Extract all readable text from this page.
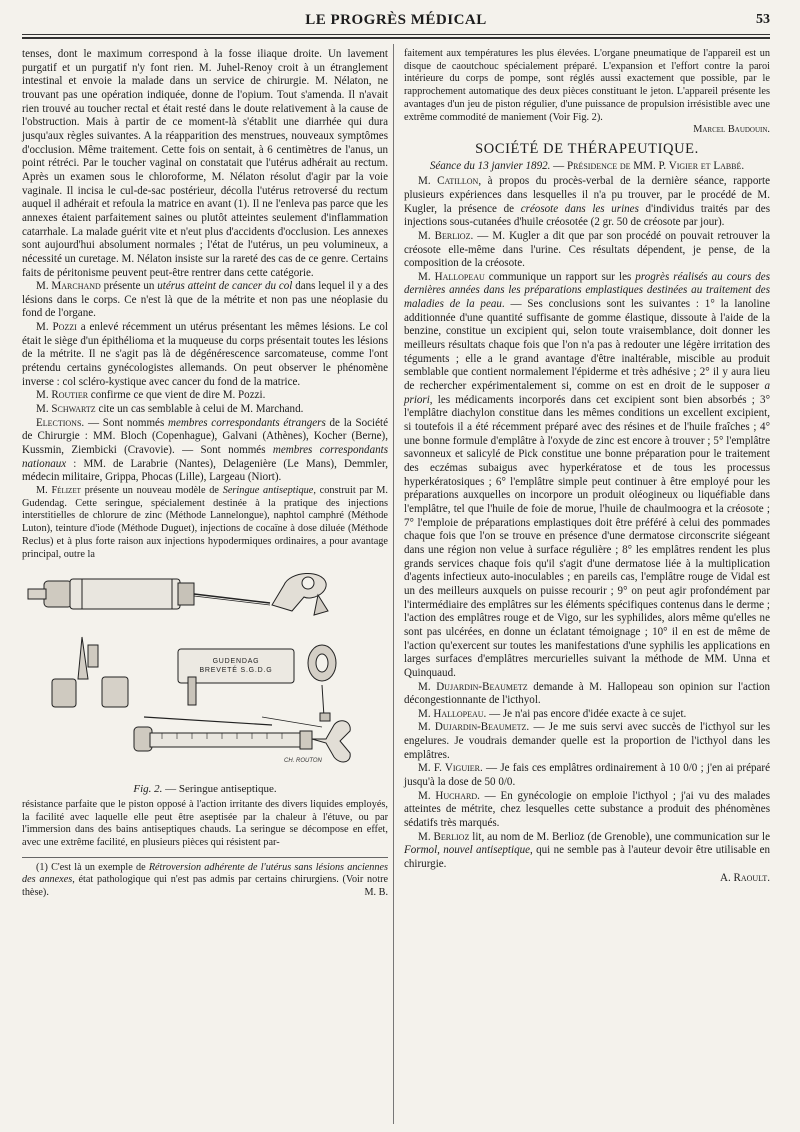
LE PROGRÈS MÉDICAL	53

tenses, dont le maximum correspond à la fosse iliaque droite. Un lavement purgatif et un purgatif n'y font rien. M. Juhel-Renoy croit à un étranglement intestinal et envoie la malade dans un service de chirurgie. M. Nélaton, ne trouvant pas une opération indiquée, donne de l'opium. Tout s'amenda. Il n'avait rien trouvé au toucher rectal et était resté dans le doute relativement à la cause de l'obstruction. Mais à partir de ce moment-là s'établit une diarrhée qui dura jusqu'aux règles suivantes. A la réapparition des menstrues, nouveaux symptômes d'occlusion. Même traitement. Cette fois on sentait, à 6 centimètres de l'anus, un point rétréci. Par le toucher vaginal on constatait que l'utérus adhérait au rectum. Après un examen sous le chloroforme, M. Nélaton résolut d'agir par la voie vaginale. Il incisa le cul-de-sac postérieur, décolla l'utérus retroversé du rectum auquel il adhérait et refoula la matrice en avant (1). Il ne l'enleva pas parce que les annexes étaient parfaitement saines ou plutôt atteintes seulement d'inflammation catarrhale. La malade guérit vite et n'eut plus d'accidents d'occlusion. Les annexes sont aujourd'hui absolument normales ; l'état de l'utérus, un peu volumineux, a nécessité un curetage. M. Nélaton insiste sur la rareté des cas de ce genre. Certains faits de péritonisme peuvent peut-être rentrer dans cette catégorie.

M. Marchand présente un utérus atteint de cancer du col dans lequel il y a des lésions dans le corps. Ce n'est là que de la métrite et non pas une néoplasie du fond de l'organe.

M. Pozzi a enlevé récemment un utérus présentant les mêmes lésions. Le col était le siège d'un épithélioma et la muqueuse du corps présentait toutes les lésions de la métrite. Il ne s'agit pas là de dégénérescence sarcomateuse, comme l'ont prétendu certains gynécologistes allemands. On peut observer le phénomène inverse : col scléro-kystique avec cancer du fond de la matrice.

M. Routier confirme ce que vient de dire M. Pozzi.

M. Schwartz cite un cas semblable à celui de M. Marchand.

Elections. — Sont nommés membres correspondants étrangers de la Société de Chirurgie : MM. Bloch (Copenhague), Galvani (Athènes), Kocher (Berne), Kussmin, Ziembicki (Cravovie). — Sont nommés membres correspondants nationaux : MM. de Larabrie (Nantes), Delagenière (Le Mans), Demmler, médecin militaire, Grippa, Phocas (Lille), Largeau (Niort).

M. Félizet présente un nouveau modèle de Seringue antiseptique, construit par M. Gudendag. Cette seringue, spécialement destinée à la pratique des injections interstitielles de chlorure de zinc (Méthode Lannelongue), naphtol camphré (Méthode Luton), teinture d'iode (Méthode Duguet), injections de cocaïne à dose diluée (Méthode Reclus) et à plus forte raison aux injections hypodermiques ordinaires, a pour avantage principal, outre la

GUDENDAG
BREVETÉ S.G.D.G
CH. ROUTON

Fig. 2. — Seringue antiseptique.

résistance parfaite que le piston opposé à l'action irritante des divers liquides employés, la facilité avec laquelle elle peut être aseptisée par la chaleur à l'étuve, ou par l'immersion dans des bains antiseptiques chauds. La seringue se décompose en effet, avec une extrême facilité, en plusieurs pièces qui résistent par-

(1) C'est là un exemple de Rétroversion adhérente de l'utérus sans lésions anciennes des annexes, état pathologique qui n'est pas admis par certains chirurgiens. (Voir notre thèse).	M. B.

faitement aux températures les plus élevées. L'organe pneumatique de l'appareil est un disque de caoutchouc spécialement préparé. L'expansion et l'effort contre la paroi intérieure du corps de pompe, sont réglés aussi exactement que possible, par le rapprochement automatique des deux pièces constituant le jeton. L'appareil présente les avantages d'un jeu de piston régulier, d'une puissance de propulsion irrésistible avec une extrême commodité de maniement (Voir Fig. 2).

Marcel Baudouin.

SOCIÉTÉ DE THÉRAPEUTIQUE.

Séance du 13 janvier 1892. — Présidence de MM. P. Vigier et Labbé.

M. Catillon, à propos du procès-verbal de la dernière séance, rapporte plusieurs expériences dans lesquelles il n'a pu trouver, par le procédé de M. Kugler, la présence de créosote dans les urines d'individus traités par des injections sous-cutanées d'huile créosotée (2 gr. 50 de créosote par jour).

M. Berlioz. — M. Kugler a dit que par son procédé on pouvait retrouver la créosote elle-même dans l'urine. Ces résultats dépendent, je pense, de la composition de la créosote.

M. Hallopeau communique un rapport sur les progrès réalisés au cours des dernières années dans les préparations emplastiques destinées au traitement des maladies de la peau. — Ses conclusions sont les suivantes : 1° la lanoline additionnée d'une quantité suffisante de gomme élastique, dissoute à l'aide de la benzine, constitue un excipient qui, selon toute vraisemblance, doit donner les meilleurs résultats chaque fois que l'on n'a pas à redouter une légère irritation des téguments ; elle a le grand avantage d'être inaltérable, miscible au produit semblable que contient normalement l'épiderme et très adhésive ; 2° il y aura lieu de rechercher expérimentalement si, comme on est en droit de le supposer a priori, les médicaments incorporés dans cet excipient sont bien absorbés ; 3° l'emplâtre diachylon constitue dans les mêmes conditions un excellent excipient, si toutefois il a été récemment préparé avec des résines et de l'huile fraîches ; 4° une bonne formule d'emplâtre à l'oxyde de zinc est encore à trouver ; 5° l'emplâtre savonneux et salicylé de Pick constitue une bonne préparation pour le traitement des eczémas subaigus avec hyperkératose et de tous les processus hyperkératosiques ; 6° l'emplâtre simple peut continuer à être employé pour les préparations auxquelles on incorpore un produit oléogineux ou liquéfiable dans l'emplâtre, tel que l'huile de foie de morue, l'huile de chaulmoogra et la créosote ; 7° l'emploie de préparations emplastiques doit être préféré à celui des pommades chaque fois que l'on se trouve en présence d'une dermatose circonscrite siégeant dans une région non velue à surface régulière ; 8° les emplâtres rendent les plus grands services chaque fois qu'il s'agit d'une dermatose liée à la multiplication d'agents infectieux auto-inoculables ; en pareils cas, l'emplâtre rouge de Vidal est un des meilleurs auxquels on puisse recourir ; 9° on peut agir profondément par l'intermédiaire des emplâtres sur les éléments spécifiques contenus dans le derme ; l'action des emplâtres rouge et de Vigo, sur les syphilides, alors même qu'elles ne sont pas ulcérées, en donne un éclatant témoignage ; 10° il en est de même de l'action qu'exercent sur toutes les manifestations d'une syphilis les applications en larges surfaces d'emplâtres mercurielles suivant la méthode de MM. Unna et Quinquaud.

M. Dujardin-Beaumetz demande à M. Hallopeau son opinion sur l'action décongestionnante de l'icthyol.

M. Hallopeau. — Je n'ai pas encore d'idée exacte à ce sujet.

M. Dujardin-Beaumetz. — Je me suis servi avec succès de l'icthyol sur les engelures. Je voudrais demander quelle est la proportion de l'icthyol dans les emplâtres.

M. F. Viguier. — Je fais ces emplâtres ordinairement à 10 0/0 ; j'en ai préparé jusqu'à la dose de 50 0/0.

M. Huchard. — En gynécologie on emploie l'icthyol ; j'ai vu des malades atteintes de métrite, chez lesquelles cette substance a produit des phénomènes sédatifs très marqués.

M. Berlioz lit, au nom de M. Berlioz (de Grenoble), une communication sur le Formol, nouvel antiseptique, qui ne semble pas à l'auteur devoir être utilisable en chirurgie.

A. Raoult.
